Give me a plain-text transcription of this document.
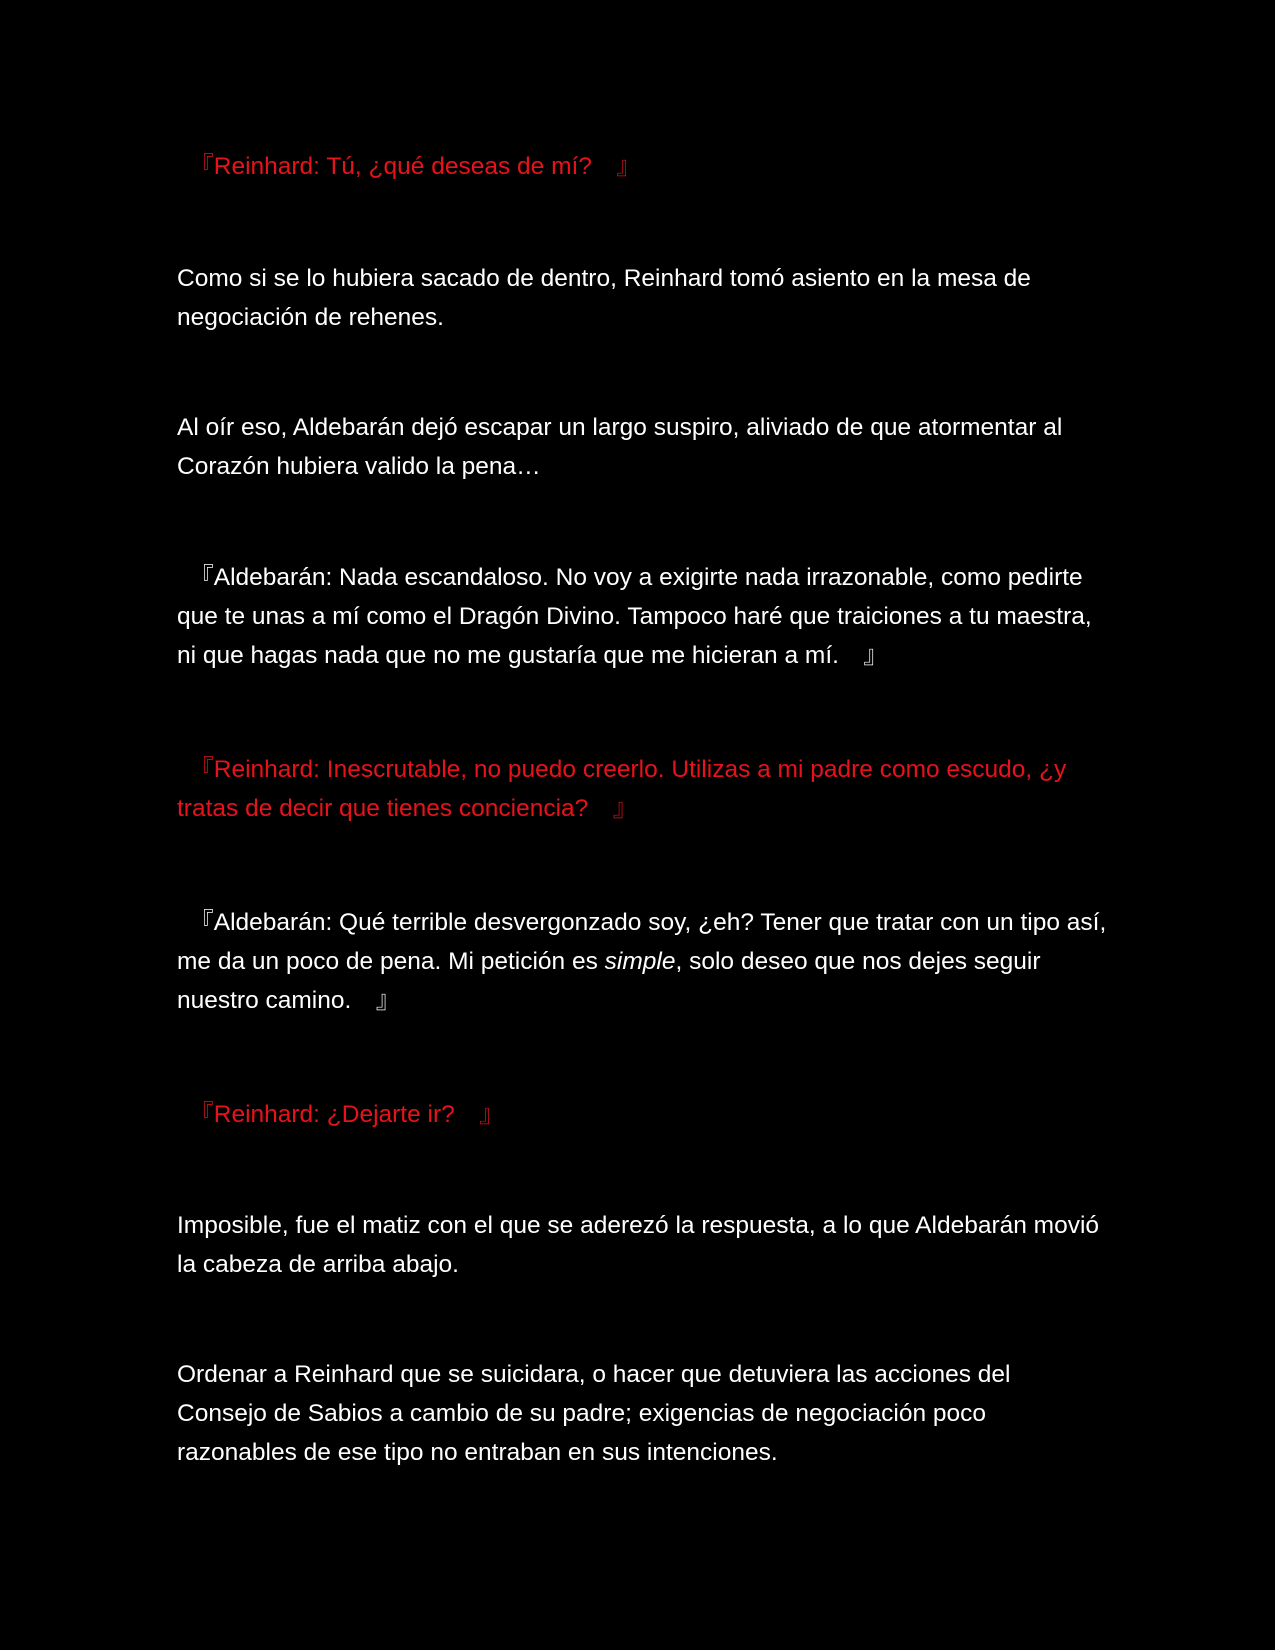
　『Reinhard: Tú, ¿qué deseas de mí?　』

Como si se lo hubiera sacado de dentro, Reinhard tomó asiento en la mesa de negociación de rehenes.

Al oír eso, Aldebarán dejó escapar un largo suspiro, aliviado de que atormentar al Corazón hubiera valido la pena…

　『Aldebarán: Nada escandaloso. No voy a exigirte nada irrazonable, como pedirte que te unas a mí como el Dragón Divino. Tampoco haré que traiciones a tu maestra, ni que hagas nada que no me gustaría que me hicieran a mí.　』

　『Reinhard: Inescrutable, no puedo creerlo. Utilizas a mi padre como escudo, ¿y tratas de decir que tienes conciencia?　』

　『Aldebarán: Qué terrible desvergonzado soy, ¿eh? Tener que tratar con un tipo así, me da un poco de pena. Mi petición es simple, solo deseo que nos dejes seguir nuestro camino.　』

　『Reinhard: ¿Dejarte ir?　』

Imposible, fue el matiz con el que se aderezó la respuesta, a lo que Aldebarán movió la cabeza de arriba abajo.

Ordenar a Reinhard que se suicidara, o hacer que detuviera las acciones del Consejo de Sabios a cambio de su padre; exigencias de negociación poco razonables de ese tipo no entraban en sus intenciones.
